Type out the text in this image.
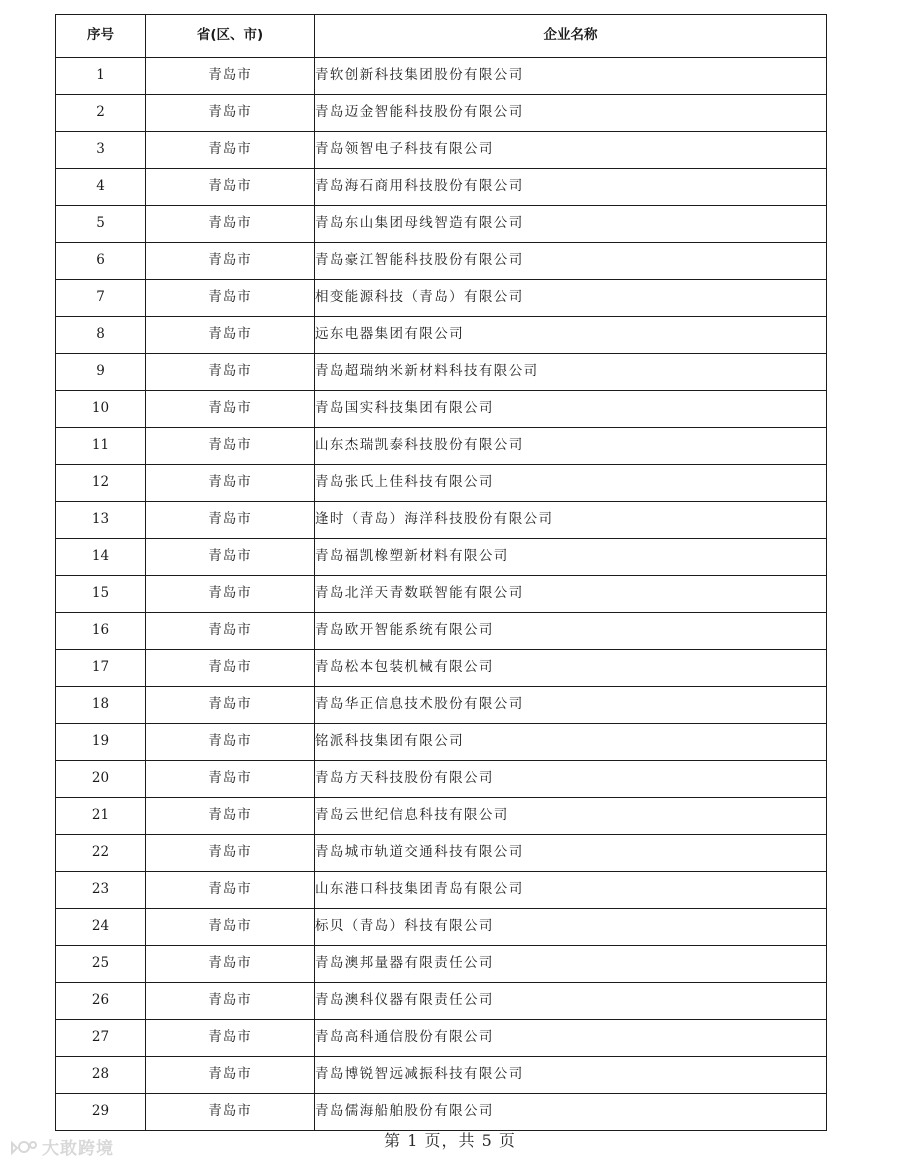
序号	省(区、市)	企业名称
1	青岛市	青软创新科技集团股份有限公司
2	青岛市	青岛迈金智能科技股份有限公司
3	青岛市	青岛领智电子科技有限公司
4	青岛市	青岛海石商用科技股份有限公司
5	青岛市	青岛东山集团母线智造有限公司
6	青岛市	青岛豪江智能科技股份有限公司
7	青岛市	相变能源科技（青岛）有限公司
8	青岛市	远东电器集团有限公司
9	青岛市	青岛超瑞纳米新材料科技有限公司
10	青岛市	青岛国实科技集团有限公司
11	青岛市	山东杰瑞凯泰科技股份有限公司
12	青岛市	青岛张氏上佳科技有限公司
13	青岛市	逢时（青岛）海洋科技股份有限公司
14	青岛市	青岛福凯橡塑新材料有限公司
15	青岛市	青岛北洋天青数联智能有限公司
16	青岛市	青岛欧开智能系统有限公司
17	青岛市	青岛松本包装机械有限公司
18	青岛市	青岛华正信息技术股份有限公司
19	青岛市	铭派科技集团有限公司
20	青岛市	青岛方天科技股份有限公司
21	青岛市	青岛云世纪信息科技有限公司
22	青岛市	青岛城市轨道交通科技有限公司
23	青岛市	山东港口科技集团青岛有限公司
24	青岛市	标贝（青岛）科技有限公司
25	青岛市	青岛澳邦量器有限责任公司
26	青岛市	青岛澳科仪器有限责任公司
27	青岛市	青岛高科通信股份有限公司
28	青岛市	青岛博锐智远减振科技有限公司
29	青岛市	青岛儒海船舶股份有限公司
第 1 页，共 5 页
大敢跨境
